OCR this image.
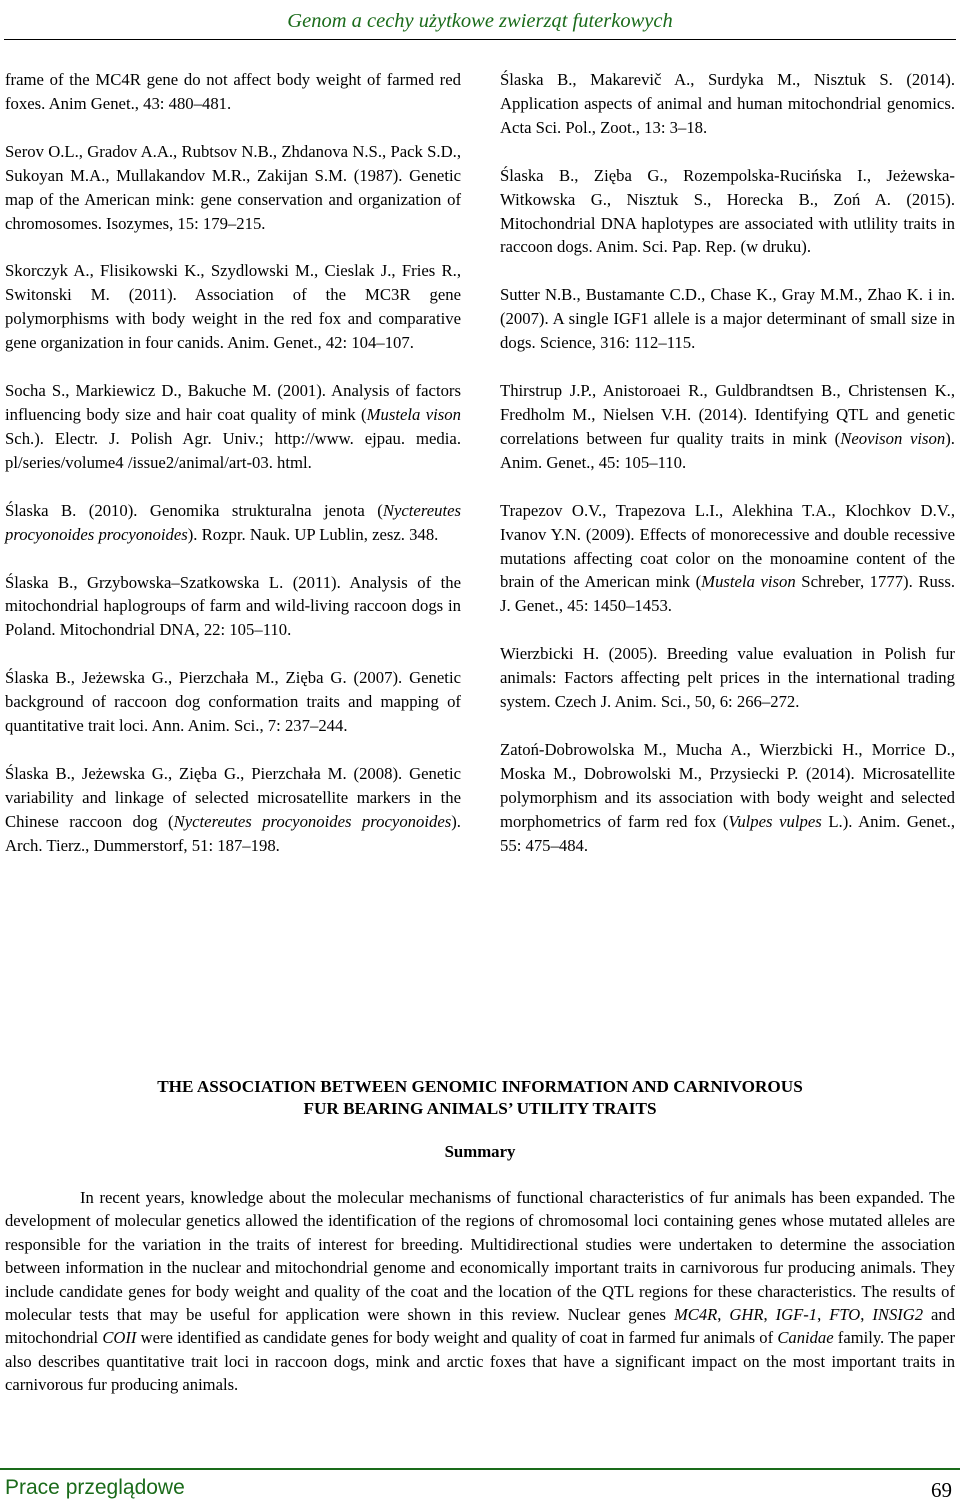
Genom a cechy użytkowe zwierząt futerkowych

frame of the MC4R gene do not affect body weight of farmed red foxes. Anim Genet., 43: 480–481.

Serov O.L., Gradov A.A., Rubtsov N.B., Zhdanova N.S., Pack S.D., Sukoyan M.A., Mullakandov M.R., Zakijan S.M. (1987). Genetic map of the American mink: gene conservation and organization of chromosomes. Isozymes, 15: 179–215.

Skorczyk A., Flisikowski K., Szydlowski M., Cieslak J., Fries R., Switonski M. (2011). Association of the MC3R gene polymorphisms with body weight in the red fox and comparative gene organization in four canids. Anim. Genet., 42: 104–107.

Socha S., Markiewicz D., Bakuche M. (2001). Analysis of factors influencing body size and hair coat quality of mink (Mustela vison Sch.). Electr. J. Polish Agr. Univ.; http://www. ejpau. media. pl/series/volume4 /issue2/animal/art-03. html.

Ślaska B. (2010). Genomika strukturalna jenota (Nyctereutes procyonoides procyonoides). Rozpr. Nauk. UP Lublin, zesz. 348.

Ślaska B., Grzybowska–Szatkowska L. (2011). Analysis of the mitochondrial haplogroups of farm and wild-living raccoon dogs in Poland. Mitochondrial DNA, 22: 105–110.

Ślaska B., Jeżewska G., Pierzchała M., Zięba G. (2007). Genetic background of raccoon dog conformation traits and mapping of quantitative trait loci. Ann. Anim. Sci., 7: 237–244.

Ślaska B., Jeżewska G., Zięba G., Pierzchała M. (2008). Genetic variability and linkage of selected microsatellite markers in the Chinese raccoon dog (Nyctereutes procyonoides procyonoides). Arch. Tierz., Dummerstorf, 51: 187–198.

Ślaska B., Makarevič A., Surdyka M., Nisztuk S. (2014). Application aspects of animal and human mitochondrial genomics. Acta Sci. Pol., Zoot., 13: 3–18.

Ślaska B., Zięba G., Rozempolska-Rucińska I., Jeżewska-Witkowska G., Nisztuk S., Horecka B., Zoń A. (2015). Mitochondrial DNA haplotypes are associated with utlility traits in raccoon dogs. Anim. Sci. Pap. Rep. (w druku).

Sutter N.B., Bustamante C.D., Chase K., Gray M.M., Zhao K. i in. (2007). A single IGF1 allele is a major determinant of small size in dogs. Science, 316: 112–115.

Thirstrup J.P., Anistoroaei R., Guldbrandtsen B., Christensen K., Fredholm M., Nielsen V.H. (2014). Identifying QTL and genetic correlations between fur quality traits in mink (Neovison vison). Anim. Genet., 45: 105–110.

Trapezov O.V., Trapezova L.I., Alekhina T.A., Klochkov D.V., Ivanov Y.N. (2009). Effects of monorecessive and double recessive mutations affecting coat color on the monoamine content of the brain of the American mink (Mustela vison Schreber, 1777). Russ. J. Genet., 45: 1450–1453.

Wierzbicki H. (2005). Breeding value evaluation in Polish fur animals: Factors affecting pelt prices in the international trading system. Czech J. Anim. Sci., 50, 6: 266–272.

Zatoń-Dobrowolska M., Mucha A., Wierzbicki H., Morrice D., Moska M., Dobrowolski M., Przysiecki P. (2014). Microsatellite polymorphism and its association with body weight and selected morphometrics of farm red fox (Vulpes vulpes L.). Anim. Genet., 55: 475–484.

THE ASSOCIATION BETWEEN GENOMIC INFORMATION AND CARNIVOROUS
FUR BEARING ANIMALS’ UTILITY TRAITS
Summary

In recent years, knowledge about the molecular mechanisms of functional characteristics of fur animals has been expanded. The development of molecular genetics allowed the identification of the regions of chromosomal loci containing genes whose mutated alleles are responsible for the variation in the traits of interest for breeding. Multidirectional studies were undertaken to determine the association between information in the nuclear and mitochondrial genome and economically important traits in carnivorous fur producing animals. They include candidate genes for body weight and quality of the coat and the location of the QTL regions for these characteristics. The results of molecular tests that may be useful for application were shown in this review. Nuclear genes MC4R, GHR, IGF-1, FTO, INSIG2 and mitochondrial COII were identified as candidate genes for body weight and quality of coat in farmed fur animals of Canidae family. The paper also describes quantitative trait loci in raccoon dogs, mink and arctic foxes that have a significant impact on the most important traits in carnivorous fur producing animals.

Prace przeglądowe	69
